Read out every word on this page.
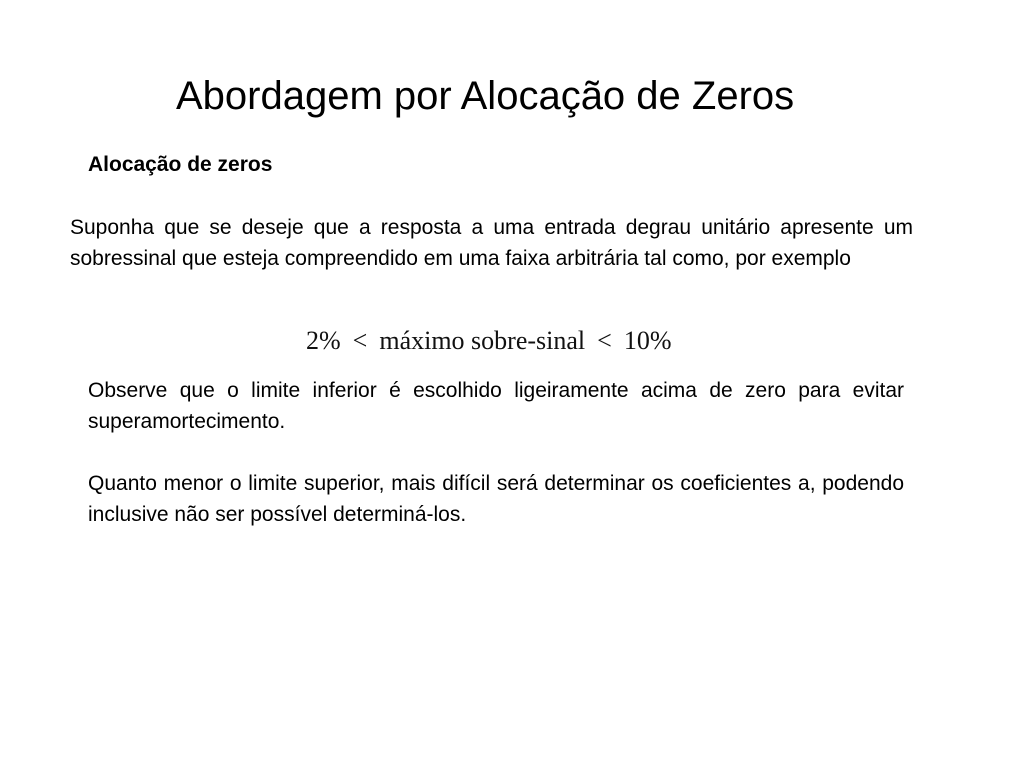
Abordagem por Alocação de Zeros
Alocação de zeros
Suponha que se deseje que a resposta a uma entrada degrau unitário apresente um sobressinal que esteja compreendido em uma faixa arbitrária tal como, por exemplo
2% < máximo sobre-sinal < 10%
Observe que o limite inferior é escolhido ligeiramente acima de zero para evitar superamortecimento.
Quanto menor o limite superior, mais difícil será determinar os coeficientes a, podendo inclusive não ser possível determiná-los.
